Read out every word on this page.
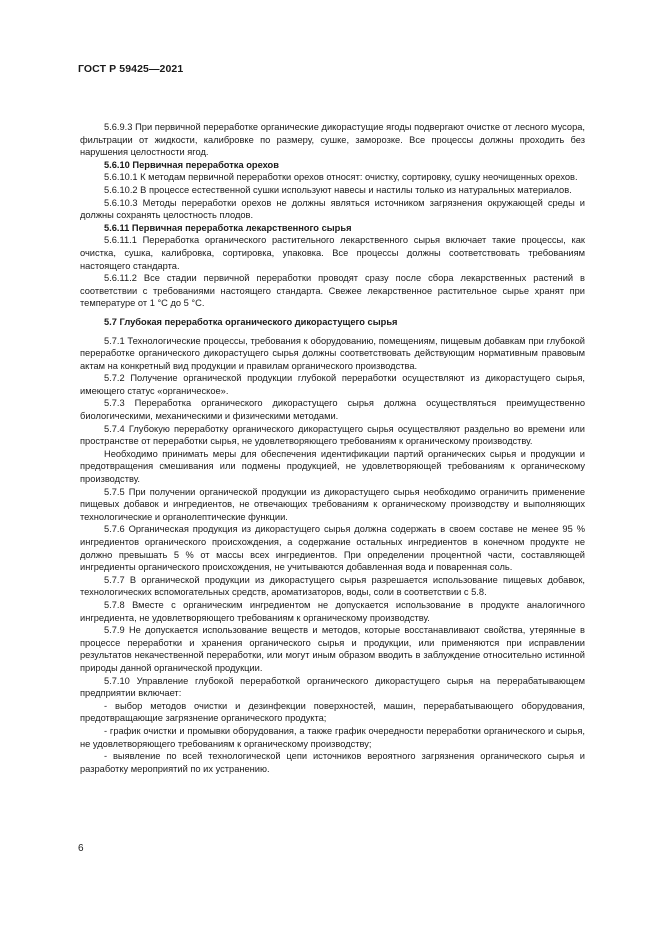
ГОСТ Р 59425—2021

5.6.9.3 При первичной переработке органические дикорастущие ягоды подвергают очистке от лесного мусора, фильтрации от жидкости, калибровке по размеру, сушке, заморозке. Все процессы должны проходить без нарушения целостности ягод.

5.6.10 Первичная переработка орехов

5.6.10.1 К методам первичной переработки орехов относят: очистку, сортировку, сушку неочищенных орехов.

5.6.10.2 В процессе естественной сушки используют навесы и настилы только из натуральных материалов.

5.6.10.3 Методы переработки орехов не должны являться источником загрязнения окружающей среды и должны сохранять целостность плодов.

5.6.11 Первичная переработка лекарственного сырья

5.6.11.1 Переработка органического растительного лекарственного сырья включает такие процессы, как очистка, сушка, калибровка, сортировка, упаковка. Все процессы должны соответствовать требованиям настоящего стандарта.

5.6.11.2 Все стадии первичной переработки проводят сразу после сбора лекарственных растений в соответствии с требованиями настоящего стандарта. Свежее лекарственное растительное сырье хранят при температуре от 1 °С до 5 °С.

5.7 Глубокая переработка органического дикорастущего сырья

5.7.1 Технологические процессы, требования к оборудованию, помещениям, пищевым добавкам при глубокой переработке органического дикорастущего сырья должны соответствовать действующим нормативным правовым актам на конкретный вид продукции и правилам органического производства.

5.7.2 Получение органической продукции глубокой переработки осуществляют из дикорастущего сырья, имеющего статус «органическое».

5.7.3 Переработка органического дикорастущего сырья должна осуществляться преимущественно биологическими, механическими и физическими методами.

5.7.4 Глубокую переработку органического дикорастущего сырья осуществляют раздельно во времени или пространстве от переработки сырья, не удовлетворяющего требованиям к органическому производству.

Необходимо принимать меры для обеспечения идентификации партий органических сырья и продукции и предотвращения смешивания или подмены продукцией, не удовлетворяющей требованиям к органическому производству.

5.7.5 При получении органической продукции из дикорастущего сырья необходимо ограничить применение пищевых добавок и ингредиентов, не отвечающих требованиям к органическому производству и выполняющих технологические и органолептические функции.

5.7.6 Органическая продукция из дикорастущего сырья должна содержать в своем составе не менее 95 % ингредиентов органического происхождения, а содержание остальных ингредиентов в конечном продукте не должно превышать 5 % от массы всех ингредиентов. При определении процентной части, составляющей ингредиенты органического происхождения, не учитываются добавленная вода и поваренная соль.

5.7.7 В органической продукции из дикорастущего сырья разрешается использование пищевых добавок, технологических вспомогательных средств, ароматизаторов, воды, соли в соответствии с 5.8.

5.7.8 Вместе с органическим ингредиентом не допускается использование в продукте аналогичного ингредиента, не удовлетворяющего требованиям к органическому производству.

5.7.9 Не допускается использование веществ и методов, которые восстанавливают свойства, утерянные в процессе переработки и хранения органического сырья и продукции, или применяются при исправлении результатов некачественной переработки, или могут иным образом вводить в заблуждение относительно истинной природы данной органической продукции.

5.7.10 Управление глубокой переработкой органического дикорастущего сырья на перерабатывающем предприятии включает:

- выбор методов очистки и дезинфекции поверхностей, машин, перерабатывающего оборудования, предотвращающие загрязнение органического продукта;

- график очистки и промывки оборудования, а также график очередности переработки органического и сырья, не удовлетворяющего требованиям к органическому производству;

- выявление по всей технологической цепи источников вероятного загрязнения органического сырья и разработку мероприятий по их устранению.

6
